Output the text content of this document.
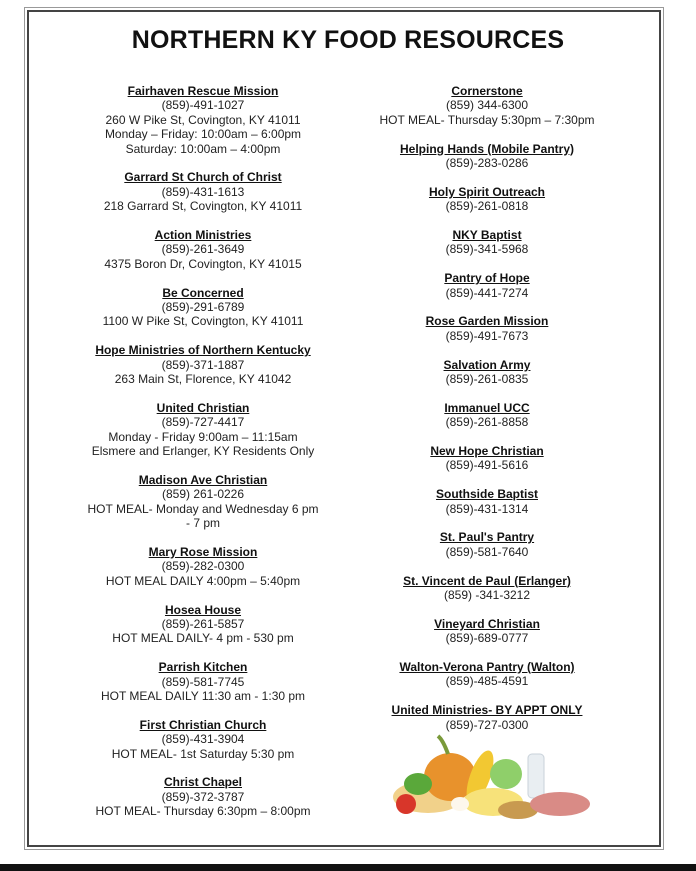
NORTHERN KY FOOD RESOURCES
Fairhaven Rescue Mission
(859)-491-1027
260 W Pike St, Covington, KY 41011
Monday – Friday: 10:00am – 6:00pm
Saturday: 10:00am – 4:00pm
Garrard St Church of Christ
(859)-431-1613
218 Garrard St, Covington, KY 41011
Action Ministries
(859)-261-3649
4375 Boron Dr, Covington, KY 41015
Be Concerned
(859)-291-6789
1100 W Pike St, Covington, KY 41011
Hope Ministries of Northern Kentucky
(859)-371-1887
263 Main St, Florence, KY 41042
United Christian
(859)-727-4417
Monday - Friday 9:00am – 11:15am
Elsmere and Erlanger, KY Residents Only
Madison Ave Christian
(859) 261-0226
HOT MEAL- Monday and Wednesday 6 pm
- 7 pm
Mary Rose Mission
(859)-282-0300
HOT MEAL DAILY 4:00pm – 5:40pm
Hosea House
(859)-261-5857
HOT MEAL DAILY- 4 pm - 530 pm
Parrish Kitchen
(859)-581-7745
HOT MEAL DAILY 11:30 am - 1:30 pm
First Christian Church
(859)-431-3904
HOT MEAL- 1st Saturday 5:30 pm
Christ Chapel
(859)-372-3787
HOT MEAL- Thursday 6:30pm – 8:00pm
Cornerstone
(859) 344-6300
HOT MEAL- Thursday 5:30pm – 7:30pm
Helping Hands (Mobile Pantry)
(859)-283-0286
Holy Spirit Outreach
(859)-261-0818
NKY Baptist
(859)-341-5968
Pantry of Hope
(859)-441-7274
Rose Garden Mission
(859)-491-7673
Salvation Army
(859)-261-0835
Immanuel UCC
(859)-261-8858
New Hope Christian
(859)-491-5616
Southside Baptist
(859)-431-1314
St. Paul's Pantry
(859)-581-7640
St. Vincent de Paul (Erlanger)
(859) -341-3212
Vineyard Christian
(859)-689-0777
Walton-Verona Pantry (Walton)
(859)-485-4591
United Ministries- BY APPT ONLY
(859)-727-0300
